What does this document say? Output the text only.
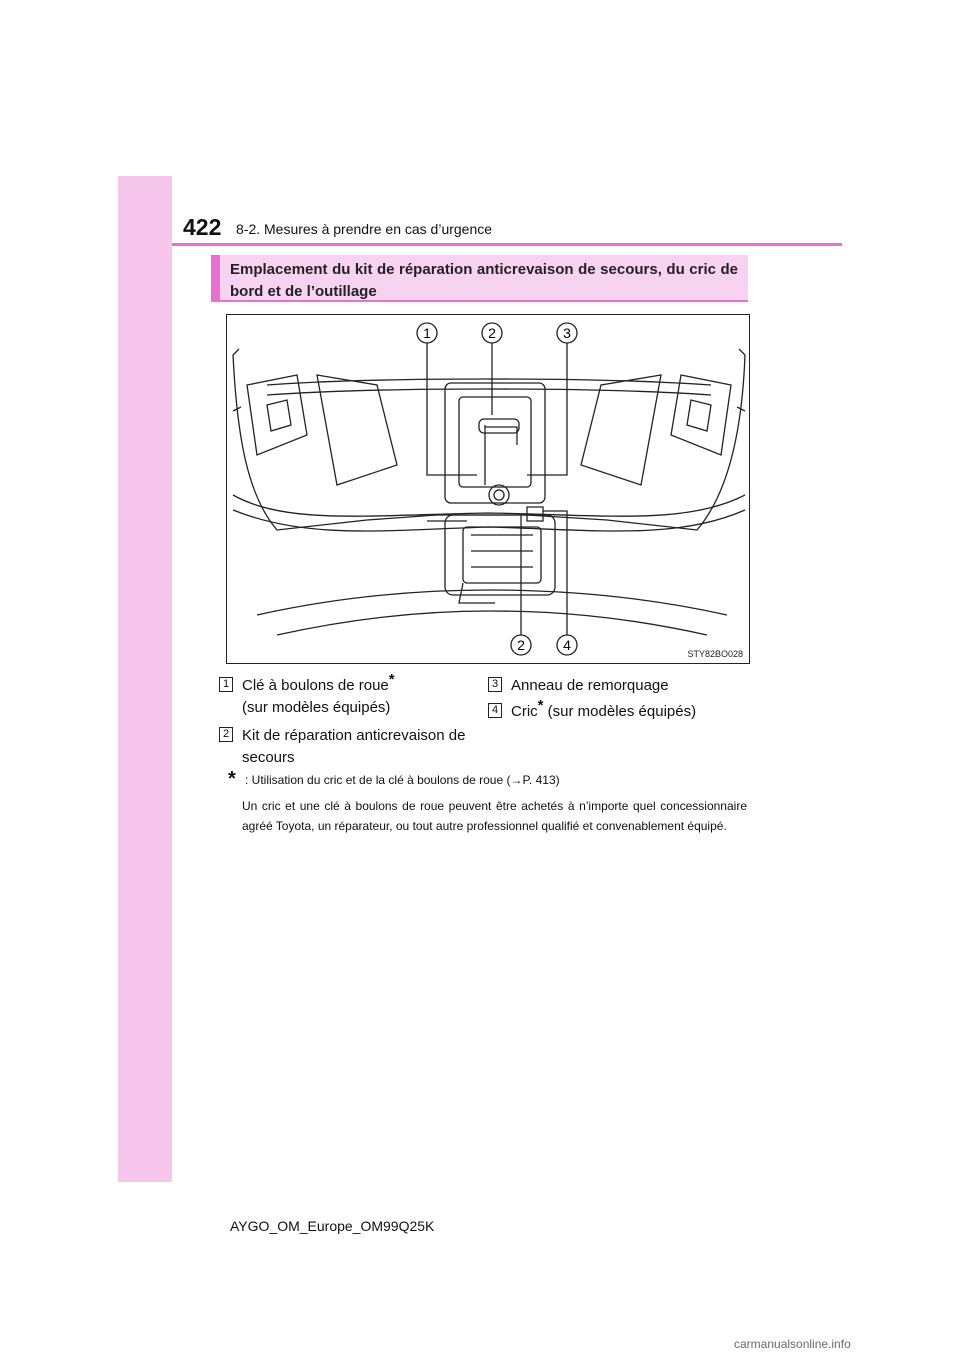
422 8-2. Mesures à prendre en cas d’urgence
Emplacement du kit de réparation anticrevaison de secours, du cric de bord et de l’outillage
1	2	3
2	4
STY82BO028
1 Clé à boulons de roue*
(sur modèles équipés)
2 Kit de réparation anticrevaison de
secours
3 Anneau de remorquage
4 Cric* (sur modèles équipés)
* : Utilisation du cric et de la clé à boulons de roue (→P. 413)
Un cric et une clé à boulons de roue peuvent être achetés à n’importe quel concessionnaire agréé Toyota, un réparateur, ou tout autre professionnel qualifié et convenablement équipé.
AYGO_OM_Europe_OM99Q25K
carmanualsonline.info
